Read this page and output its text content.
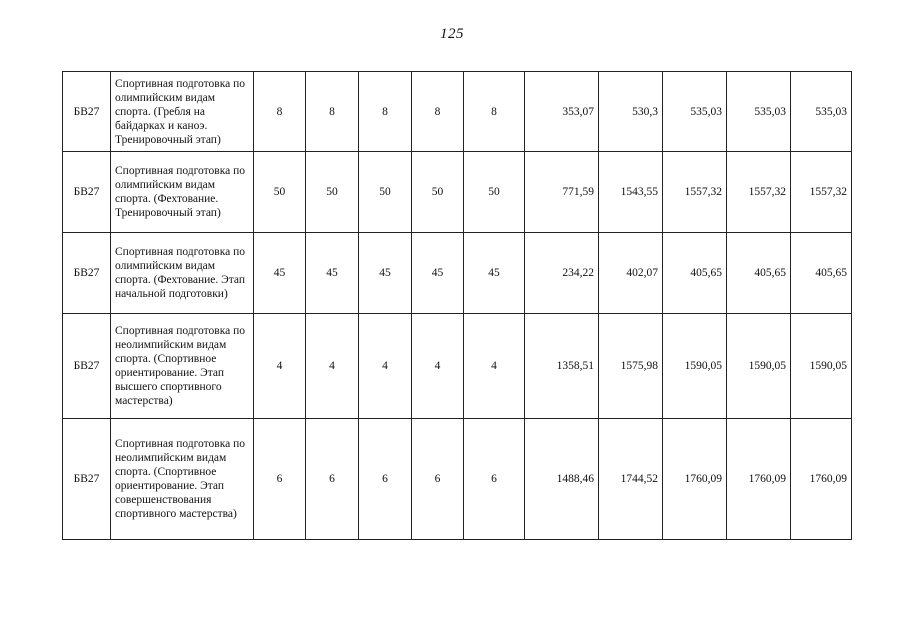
125
БВ27	Спортивная подготовка по олимпийским видам спорта. (Гребля на байдарках и каноэ. Тренировочный этап)	8	8	8	8	8	353,07	530,3	535,03	535,03	535,03
БВ27	Спортивная подготовка по олимпийским видам спорта. (Фехтование. Тренировочный этап)	50	50	50	50	50	771,59	1543,55	1557,32	1557,32	1557,32
БВ27	Спортивная подготовка по олимпийским видам спорта. (Фехтование. Этап начальной подготовки)	45	45	45	45	45	234,22	402,07	405,65	405,65	405,65
БВ27	Спортивная подготовка по неолимпийским видам спорта. (Спортивное ориентирование. Этап высшего спортивного мастерства)	4	4	4	4	4	1358,51	1575,98	1590,05	1590,05	1590,05
БВ27	Спортивная подготовка по неолимпийским видам спорта. (Спортивное ориентирование. Этап совершенствования спортивного мастерства)	6	6	6	6	6	1488,46	1744,52	1760,09	1760,09	1760,09
